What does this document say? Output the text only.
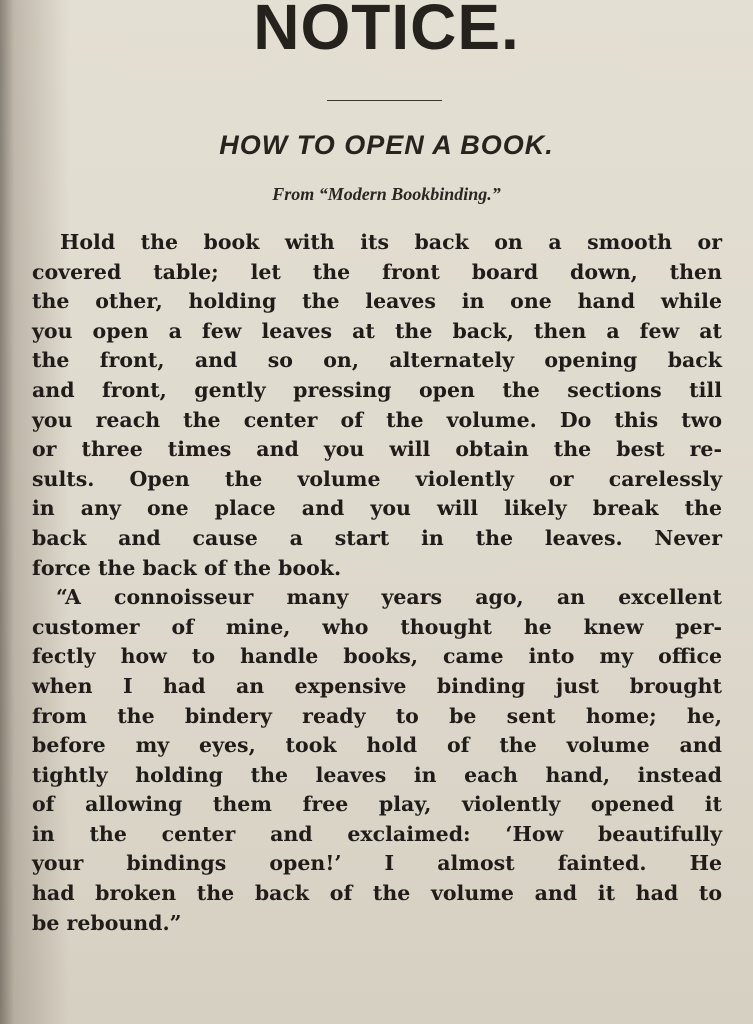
NOTICE.
HOW TO OPEN A BOOK.
From “Modern Bookbinding.”
Hold the book with its back on a smooth or
covered table; let the front board down, then
the other, holding the leaves in one hand while
you open a few leaves at the back, then a few at
the front, and so on, alternately opening back
and front, gently pressing open the sections till
you reach the center of the volume. Do this two
or three times and you will obtain the best re-
sults. Open the volume violently or carelessly
in any one place and you will likely break the
back and cause a start in the leaves. Never
force the back of the book.
“A connoisseur many years ago, an excellent
customer of mine, who thought he knew per-
fectly how to handle books, came into my office
when I had an expensive binding just brought
from the bindery ready to be sent home; he,
before my eyes, took hold of the volume and
tightly holding the leaves in each hand, instead
of allowing them free play, violently opened it
in the center and exclaimed: ‘How beautifully
your bindings open!’ I almost fainted. He
had broken the back of the volume and it had to
be rebound.”
